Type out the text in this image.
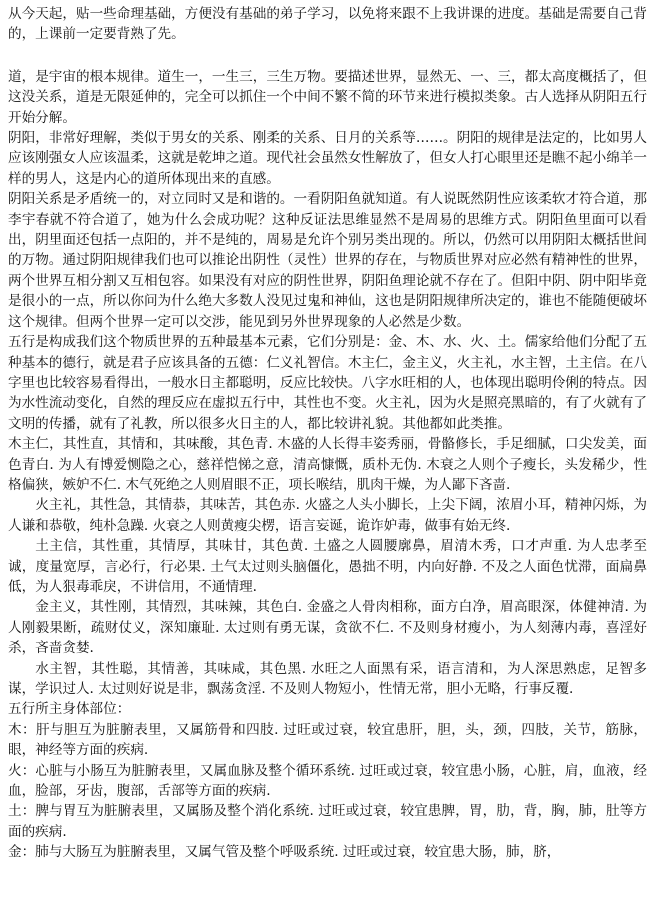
从今天起，贴一些命理基础，方便没有基础的弟子学习，以免将来跟不上我讲课的进度。基础是需要自己背的，上课前一定要背熟了先。

道，是宇宙的根本规律。道生一，一生三，三生万物。要描述世界，显然无、一、三，都太高度概括了，但这没关系，道是无限延伸的，完全可以抓住一个中间不繁不简的环节来进行模拟类象。古人选择从阴阳五行开始分解。

阴阳，非常好理解，类似于男女的关系、刚柔的关系、日月的关系等……。阴阳的规律是法定的，比如男人应该刚强女人应该温柔，这就是乾坤之道。现代社会虽然女性解放了，但女人打心眼里还是瞧不起小绵羊一样的男人，这是内心的道所体现出来的直感。

阴阳关系是矛盾统一的，对立同时又是和谐的。一看阴阳鱼就知道。有人说既然阴性应该柔软才符合道，那李宇春就不符合道了，她为什么会成功呢？这种反证法思维显然不是周易的思维方式。阴阳鱼里面可以看出，阴里面还包括一点阳的，并不是纯的，周易是允许个别另类出现的。所以，仍然可以用阴阳太概括世间的万物。通过阴阳规律我们也可以推论出阴性（灵性）世界的存在，与物质世界对应必然有精神性的世界，两个世界互相分割又互相包容。如果没有对应的阴性世界，阴阳鱼理论就不存在了。但阳中阴、阴中阳毕竟是很小的一点，所以你问为什么绝大多数人没见过鬼和神仙，这也是阴阳规律所决定的，谁也不能随便破坏这个规律。但两个世界一定可以交涉，能见到另外世界现象的人必然是少数。

五行是构成我们这个物质世界的五种最基本元素，它们分别是：金、木、水、火、土。儒家给他们分配了五种基本的德行，就是君子应该具备的五德：仁义礼智信。木主仁，金主义，火主礼，水主智，土主信。在八字里也比较容易看得出，一般水日主都聪明，反应比较快。八字水旺相的人，也体现出聪明伶俐的特点。因为水性流动变化，自然的理反应在虚拟五行中，其性也不变。火主礼，因为火是照亮黑暗的，有了火就有了文明的传播，就有了礼教，所以很多火日主的人，都比较讲礼貌。其他都如此类推。

木主仁，其性直，其情和，其味酸，其色青. 木盛的人长得丰姿秀丽，骨骼修长，手足细腻，口尖发美，面色青白. 为人有博爱恻隐之心，慈祥恺悌之意，清高慷慨，质朴无伪. 木衰之人则个子瘦长，头发稀少，性格偏狭，嫉妒不仁. 木气死绝之人则眉眼不正，项长喉结，肌肉干燥，为人鄙下吝啬.

火主礼，其性急，其情恭，其味苦，其色赤. 火盛之人头小脚长，上尖下阔，浓眉小耳，精神闪烁，为人谦和恭敬，纯朴急躁. 火衰之人则黄瘦尖楞，语言妄诞，诡诈妒毒，做事有始无终.

土主信，其性重，其情厚，其味甘，其色黄. 土盛之人圆腰廓鼻，眉清木秀，口才声重. 为人忠孝至诚，度量宽厚，言必行，行必果. 土气太过则头脑僵化，愚拙不明，内向好静. 不及之人面色忧滞，面扁鼻低，为人狠毒乖戾，不讲信用，不通情理.

金主义，其性刚，其情烈，其味辣，其色白. 金盛之人骨肉相称，面方白净，眉高眼深，体健神清. 为人刚毅果断，疏财仗义，深知廉耻. 太过则有勇无谋，贪欲不仁. 不及则身材瘦小，为人刻薄内毒，喜淫好杀，吝啬贪婪.

水主智，其性聪，其情善，其味咸，其色黑. 水旺之人面黑有采，语言清和，为人深思熟虑，足智多谋，学识过人. 太过则好说是非，飘荡贪淫. 不及则人物短小，性情无常，胆小无略，行事反覆.

五行所主身体部位：

木：肝与胆互为脏腑表里，又属筋骨和四肢. 过旺或过衰，较宜患肝，胆，头，颈，四肢，关节，筋脉，眼，神经等方面的疾病.

火：心脏与小肠互为脏腑表里，又属血脉及整个循环系统. 过旺或过衰，较宜患小肠，心脏，肩，血液，经血，脸部，牙齿，腹部，舌部等方面的疾病.

土：脾与胃互为脏腑表里，又属肠及整个消化系统. 过旺或过衰，较宜患脾，胃，肋，背，胸，肺，肚等方面的疾病.

金：肺与大肠互为脏腑表里，又属气管及整个呼吸系统. 过旺或过衰，较宜患大肠，肺，脐，
